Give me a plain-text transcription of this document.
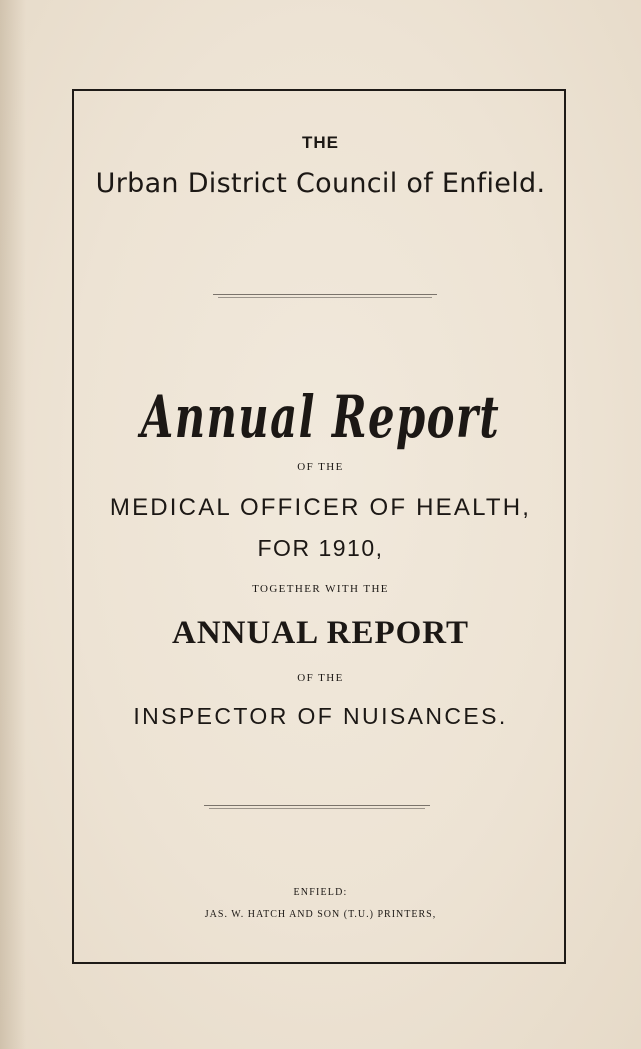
THE
Urban District Council of Enfield.
Annual Report
OF THE
MEDICAL OFFICER OF HEALTH,
FOR 1910,
TOGETHER WITH THE
ANNUAL REPORT
OF THE
INSPECTOR OF NUISANCES.
ENFIELD:
JAS. W. HATCH AND SON (T.U.) PRINTERS,
